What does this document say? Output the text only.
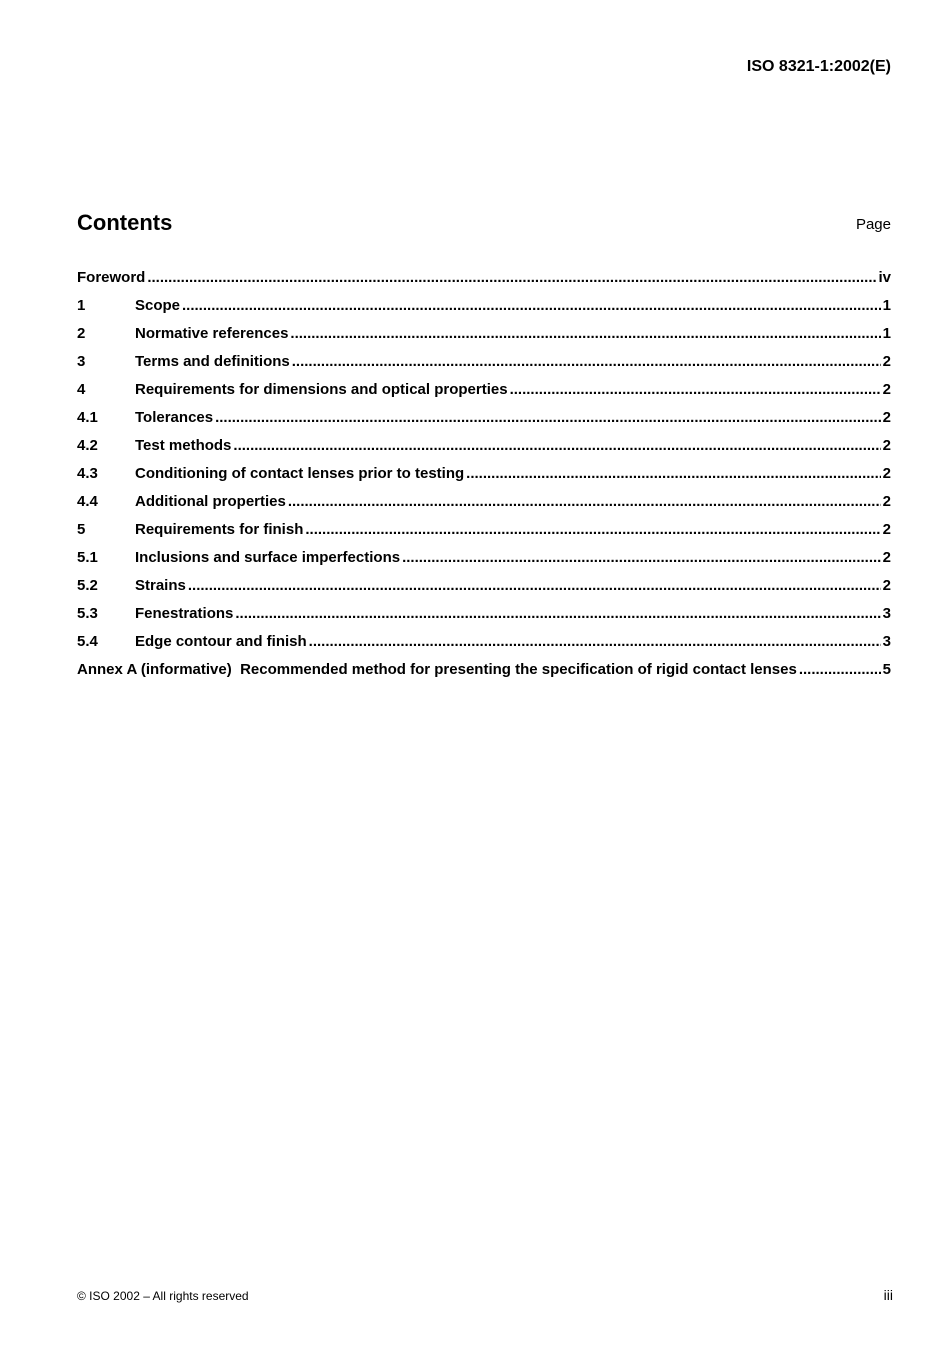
ISO 8321-1:2002(E)
Contents	Page
Foreword .....	iv
1	Scope .....	1
2	Normative references .....	1
3	Terms and definitions .....	2
4	Requirements for dimensions and optical properties .....	2
4.1	Tolerances .....	2
4.2	Test methods .....	2
4.3	Conditioning of contact lenses prior to testing .....	2
4.4	Additional properties .....	2
5	Requirements for finish .....	2
5.1	Inclusions and surface imperfections .....	2
5.2	Strains .....	2
5.3	Fenestrations .....	3
5.4	Edge contour and finish .....	3
Annex A (informative)  Recommended method for presenting the specification of rigid contact lenses .....	5
© ISO 2002 – All rights reserved	iii
